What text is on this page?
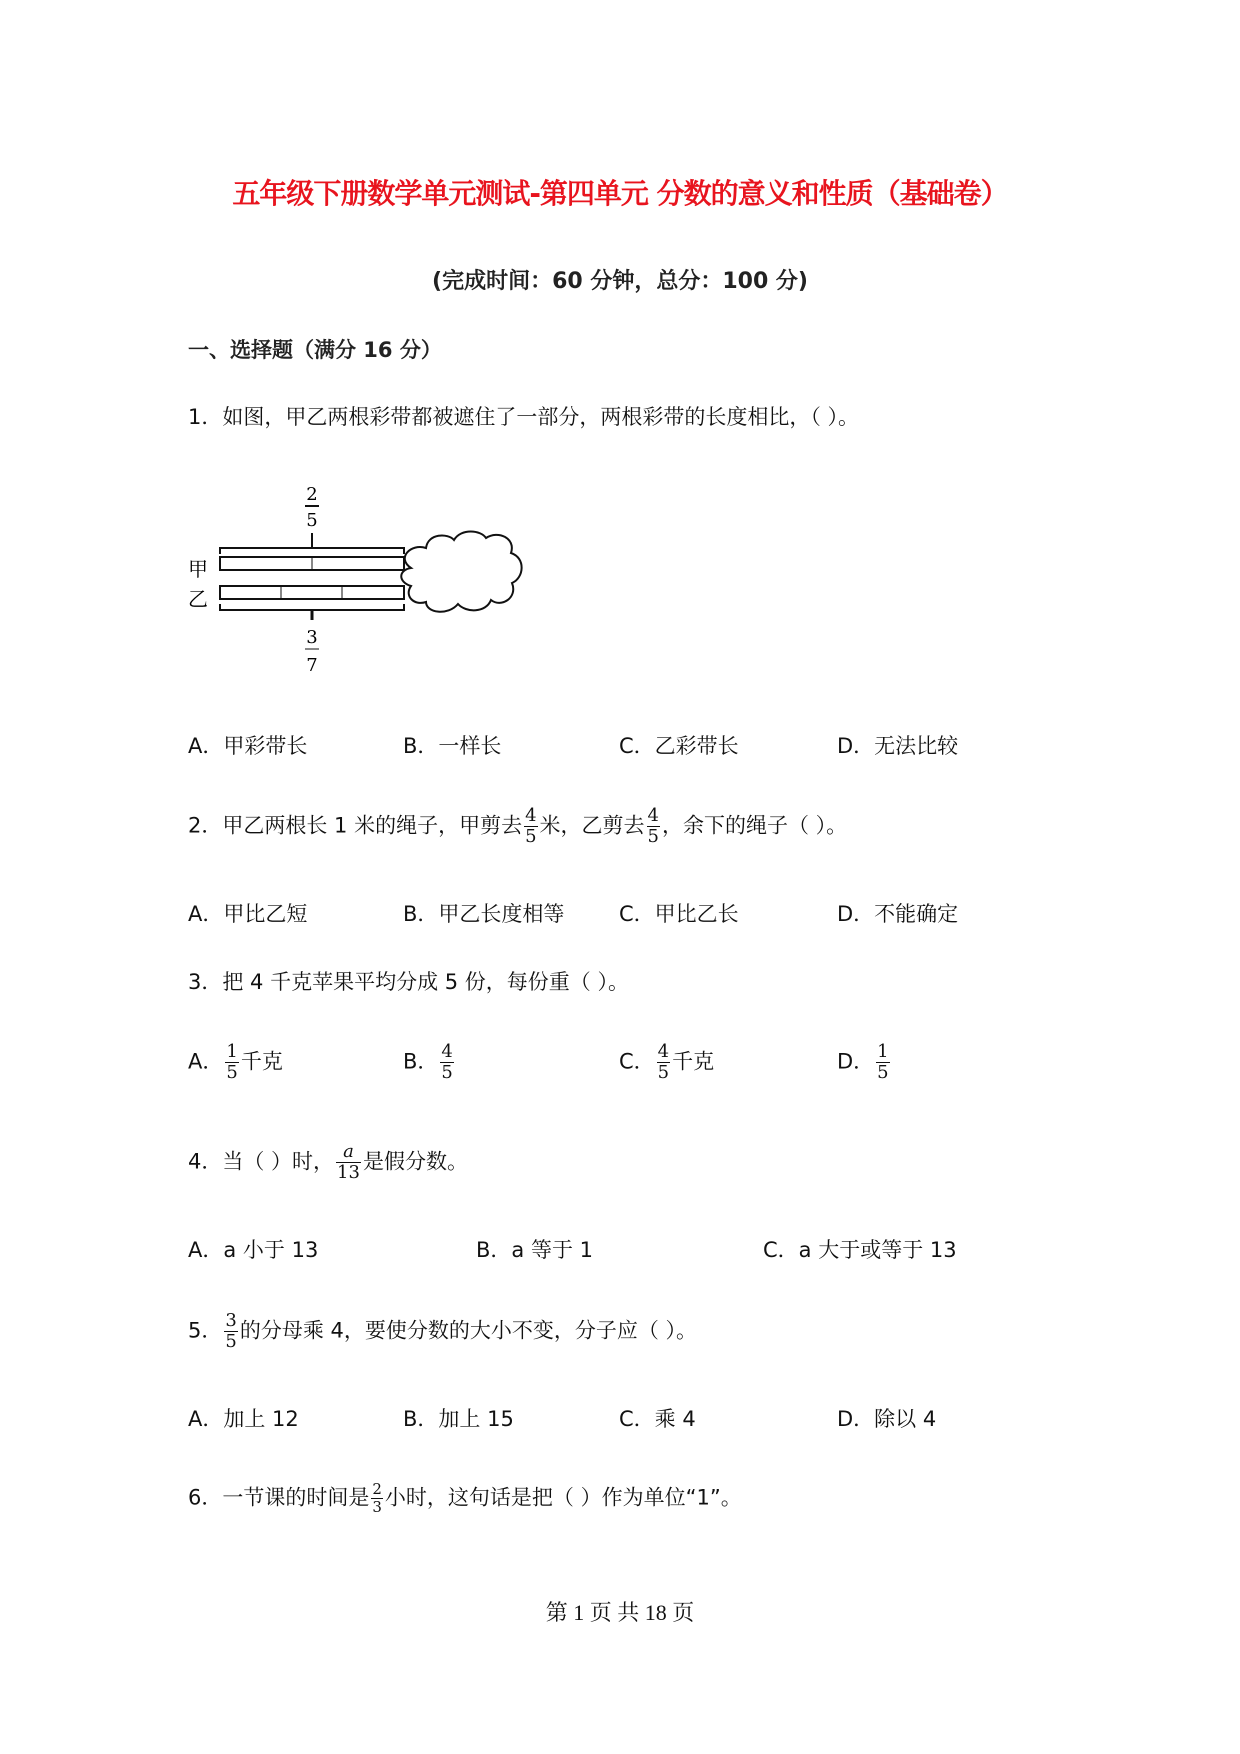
五年级下册数学单元测试-第四单元 分数的意义和性质（基础卷）
(完成时间：60 分钟，总分：100 分)
一、选择题（满分 16 分）
1．如图，甲乙两根彩带都被遮住了一部分，两根彩带的长度相比，（ ）。
2
5
3
7
甲
乙
A．甲彩带长	B．一样长	C．乙彩带长	D．无法比较
2．甲乙两根长 1 米的绳子，甲剪去 $\frac{4}{5}$ 米，乙剪去 $\frac{4}{5}$ ，余下的绳子（ ）。
A．甲比乙短	B．甲乙长度相等	C．甲比乙长	D．不能确定
3．把 4 千克苹果平均分成 5 份，每份重（ ）。
A． $\frac{1}{5}$ 千克	B． $\frac{4}{5}$	C． $\frac{4}{5}$ 千克	D． $\frac{1}{5}$
4．当（ ）时， $\frac{a}{13}$ 是假分数。
A．a 小于 13	B．a 等于 1	C．a 大于或等于 13
5． $\frac{3}{5}$ 的分母乘 4，要使分数的大小不变，分子应（ ）。
A．加上 12	B．加上 15	C．乘 4	D．除以 4
6．一节课的时间是 $\frac{2}{3}$ 小时，这句话是把（ ）作为单位“1”。
第 1 页 共 18 页
